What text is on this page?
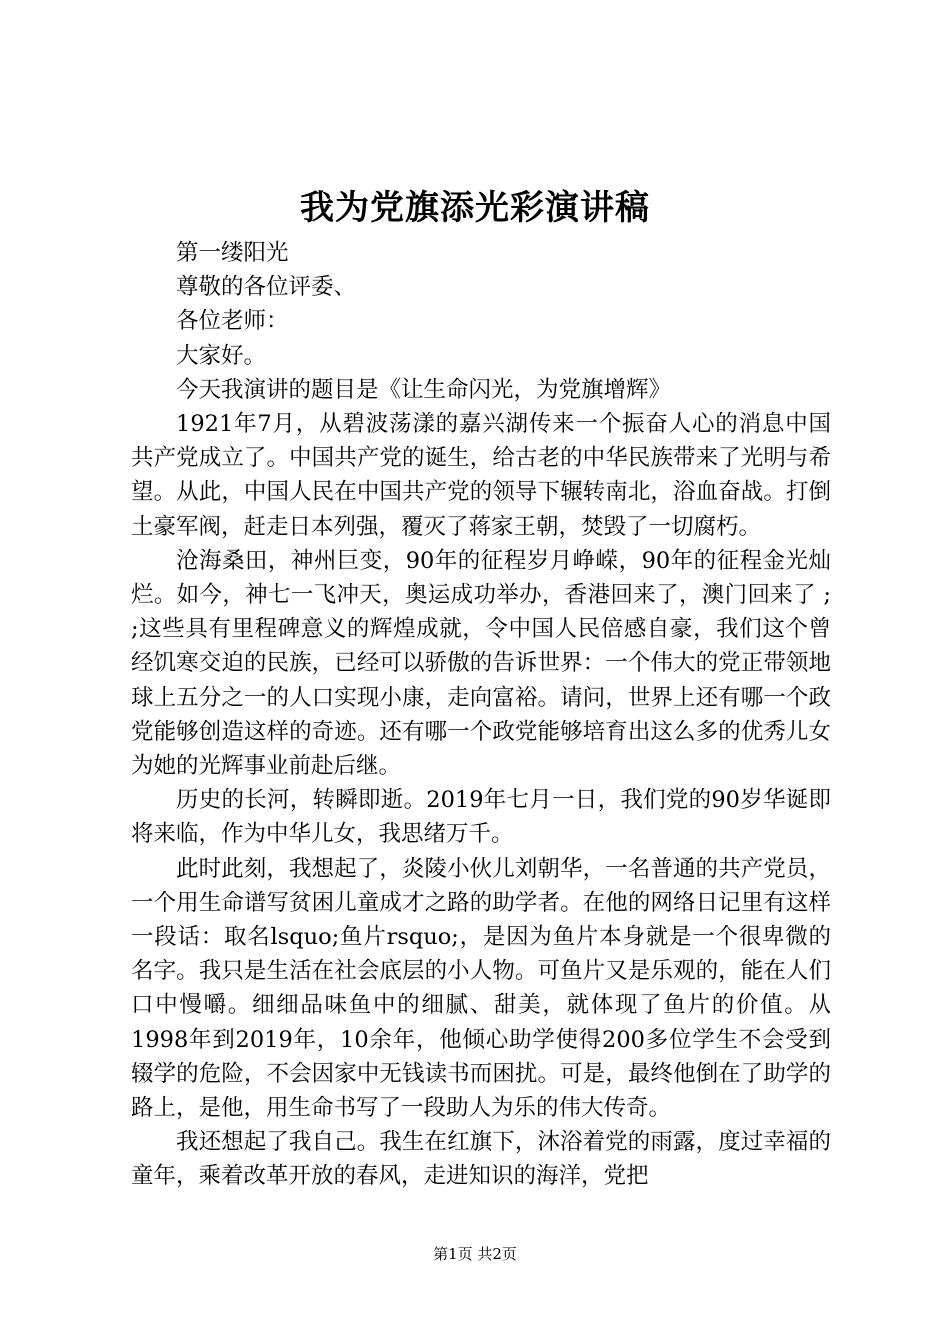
我为党旗添光彩演讲稿

第一缕阳光

尊敬的各位评委、

各位老师：

大家好。

今天我演讲的题目是《让生命闪光，为党旗增辉》

1921年7月，从碧波荡漾的嘉兴湖传来一个振奋人心的消息中国共产党成立了。中国共产党的诞生，给古老的中华民族带来了光明与希望。从此，中国人民在中国共产党的领导下辗转南北，浴血奋战。打倒土豪军阀，赶走日本列强，覆灭了蒋家王朝，焚毁了一切腐朽。

沧海桑田，神州巨变，90年的征程岁月峥嵘，90年的征程金光灿烂。如今，神七一飞冲天，奥运成功举办，香港回来了，澳门回来了 ; ;这些具有里程碑意义的辉煌成就，令中国人民倍感自豪，我们这个曾经饥寒交迫的民族，已经可以骄傲的告诉世界：一个伟大的党正带领地球上五分之一的人口实现小康，走向富裕。请问，世界上还有哪一个政党能够创造这样的奇迹。还有哪一个政党能够培育出这么多的优秀儿女为她的光辉事业前赴后继。

历史的长河，转瞬即逝。2019年七月一日，我们党的90岁华诞即将来临，作为中华儿女，我思绪万千。

此时此刻，我想起了，炎陵小伙儿刘朝华，一名普通的共产党员，一个用生命谱写贫困儿童成才之路的助学者。在他的网络日记里有这样一段话：取名lsquo;鱼片rsquo;，是因为鱼片本身就是一个很卑微的名字。我只是生活在社会底层的小人物。可鱼片又是乐观的，能在人们口中慢嚼。细细品味鱼中的细腻、甜美，就体现了鱼片的价值。从1998年到2019年，10余年，他倾心助学使得200多位学生不会受到辍学的危险，不会因家中无钱读书而困扰。可是，最终他倒在了助学的路上，是他，用生命书写了一段助人为乐的伟大传奇。

我还想起了我自己。我生在红旗下，沐浴着党的雨露，度过幸福的童年，乘着改革开放的春风，走进知识的海洋，党把

第1页 共2页
